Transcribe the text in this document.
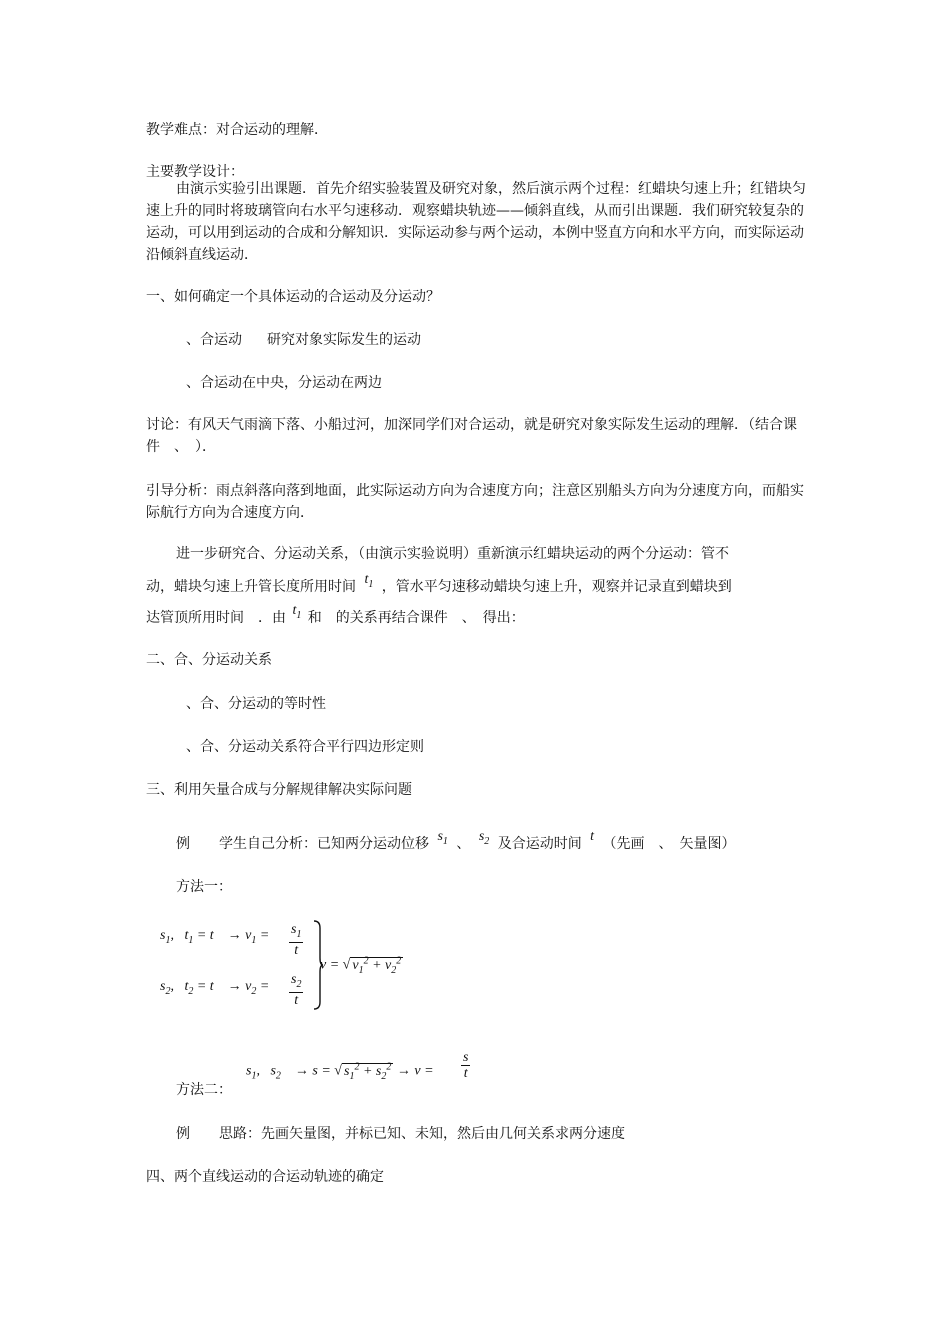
教学难点：对合运动的理解．
主要教学设计：
由演示实验引出课题．首先介绍实验装置及研究对象，然后演示两个过程：红蜡块匀速上升；红错块匀速上升的同时将玻璃管向右水平匀速移动．观察蜡块轨迹——倾斜直线，从而引出课题．我们研究较复杂的运动，可以用到运动的合成和分解知识．实际运动参与两个运动，本例中竖直方向和水平方向，而实际运动沿倾斜直线运动．
一、如何确定一个具体运动的合运动及分运动？
、合运动 研究对象实际发生的运动
、合运动在中央，分运动在两边
讨论：有风天气雨滴下落、小船过河，加深同学们对合运动，就是研究对象实际发生运动的理解．（结合课件　、　）．
引导分析：雨点斜落向落到地面，此实际运动方向为合速度方向；注意区别船头方向为分速度方向，而船实际航行方向为合速度方向．
进一步研究合、分运动关系，（由演示实验说明）重新演示红蜡块运动的两个分运动：管不
动，蜡块匀速上升管长度所用时间 $t_1$ ，管水平匀速移动蜡块匀速上升，观察并记录直到蜡块到
达管顶所用时间　．由 $t_1$ 和　的关系再结合课件　、　得出：
二、合、分运动关系
、合、分运动的等时性
、合、分运动关系符合平行四边形定则
三、利用矢量合成与分解规律解决实际问题
例 学生自己分析：已知两分运动位移 $s_1$ 、 $s_2$ 及合运动时间 t （先画　、　矢量图）
方法一：
$s_1$,   $t_1 = t$    → $v_1 = \frac{s_1}{t}$
$s_2$,   $t_2 = t$    → $v_2 = \frac{s_2}{t}$
v = √ $v_1^2 + v_2^2$
$s_1$,   $s_2$    → s = √ $s_1^2 + s_2^2 \to v = \frac{s}{t}$
方法二：
例 思路：先画矢量图，并标已知、未知，然后由几何关系求两分速度
四、两个直线运动的合运动轨迹的确定
